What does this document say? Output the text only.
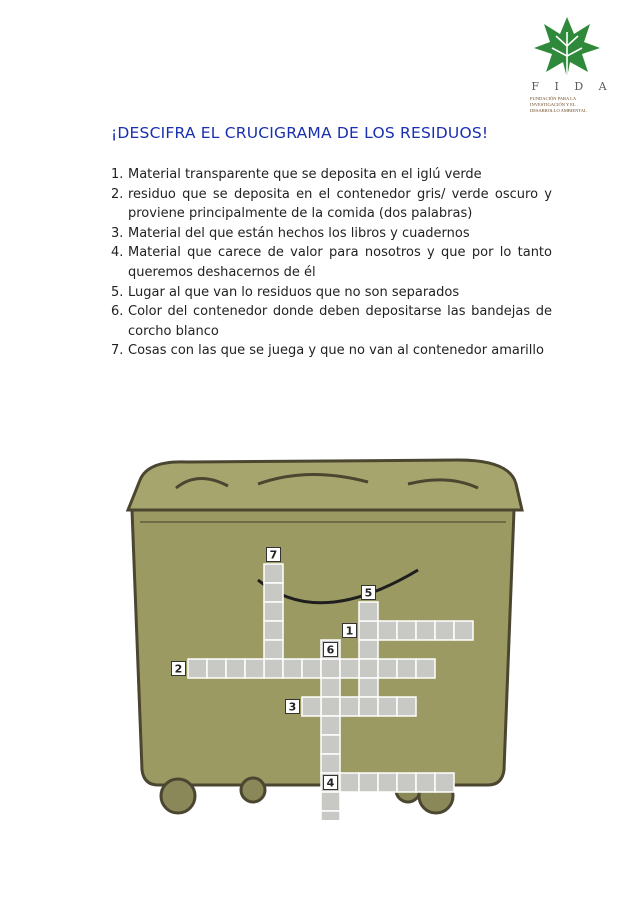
F I D A
FUNDACIÓN PARA LA
INVESTIGACIÓN Y EL
DESARROLLO AMBIENTAL
¡DESCIFRA EL CRUCIGRAMA DE LOS RESIDUOS!
1. Material transparente que se deposita en el iglú verde
2. residuo que se deposita en el contenedor gris/ verde oscuro y proviene principalmente de la comida (dos palabras)
3. Material del que están hechos los libros y cuadernos
4. Material que carece de valor para nosotros y que por lo tanto queremos deshacernos de él
5. Lugar al que van lo residuos que no son separados
6. Color del contenedor donde deben depositarse las bandejas de corcho blanco
7. Cosas con las que se juega y que no van al contenedor amarillo
7
5
1
6
2
3
4
